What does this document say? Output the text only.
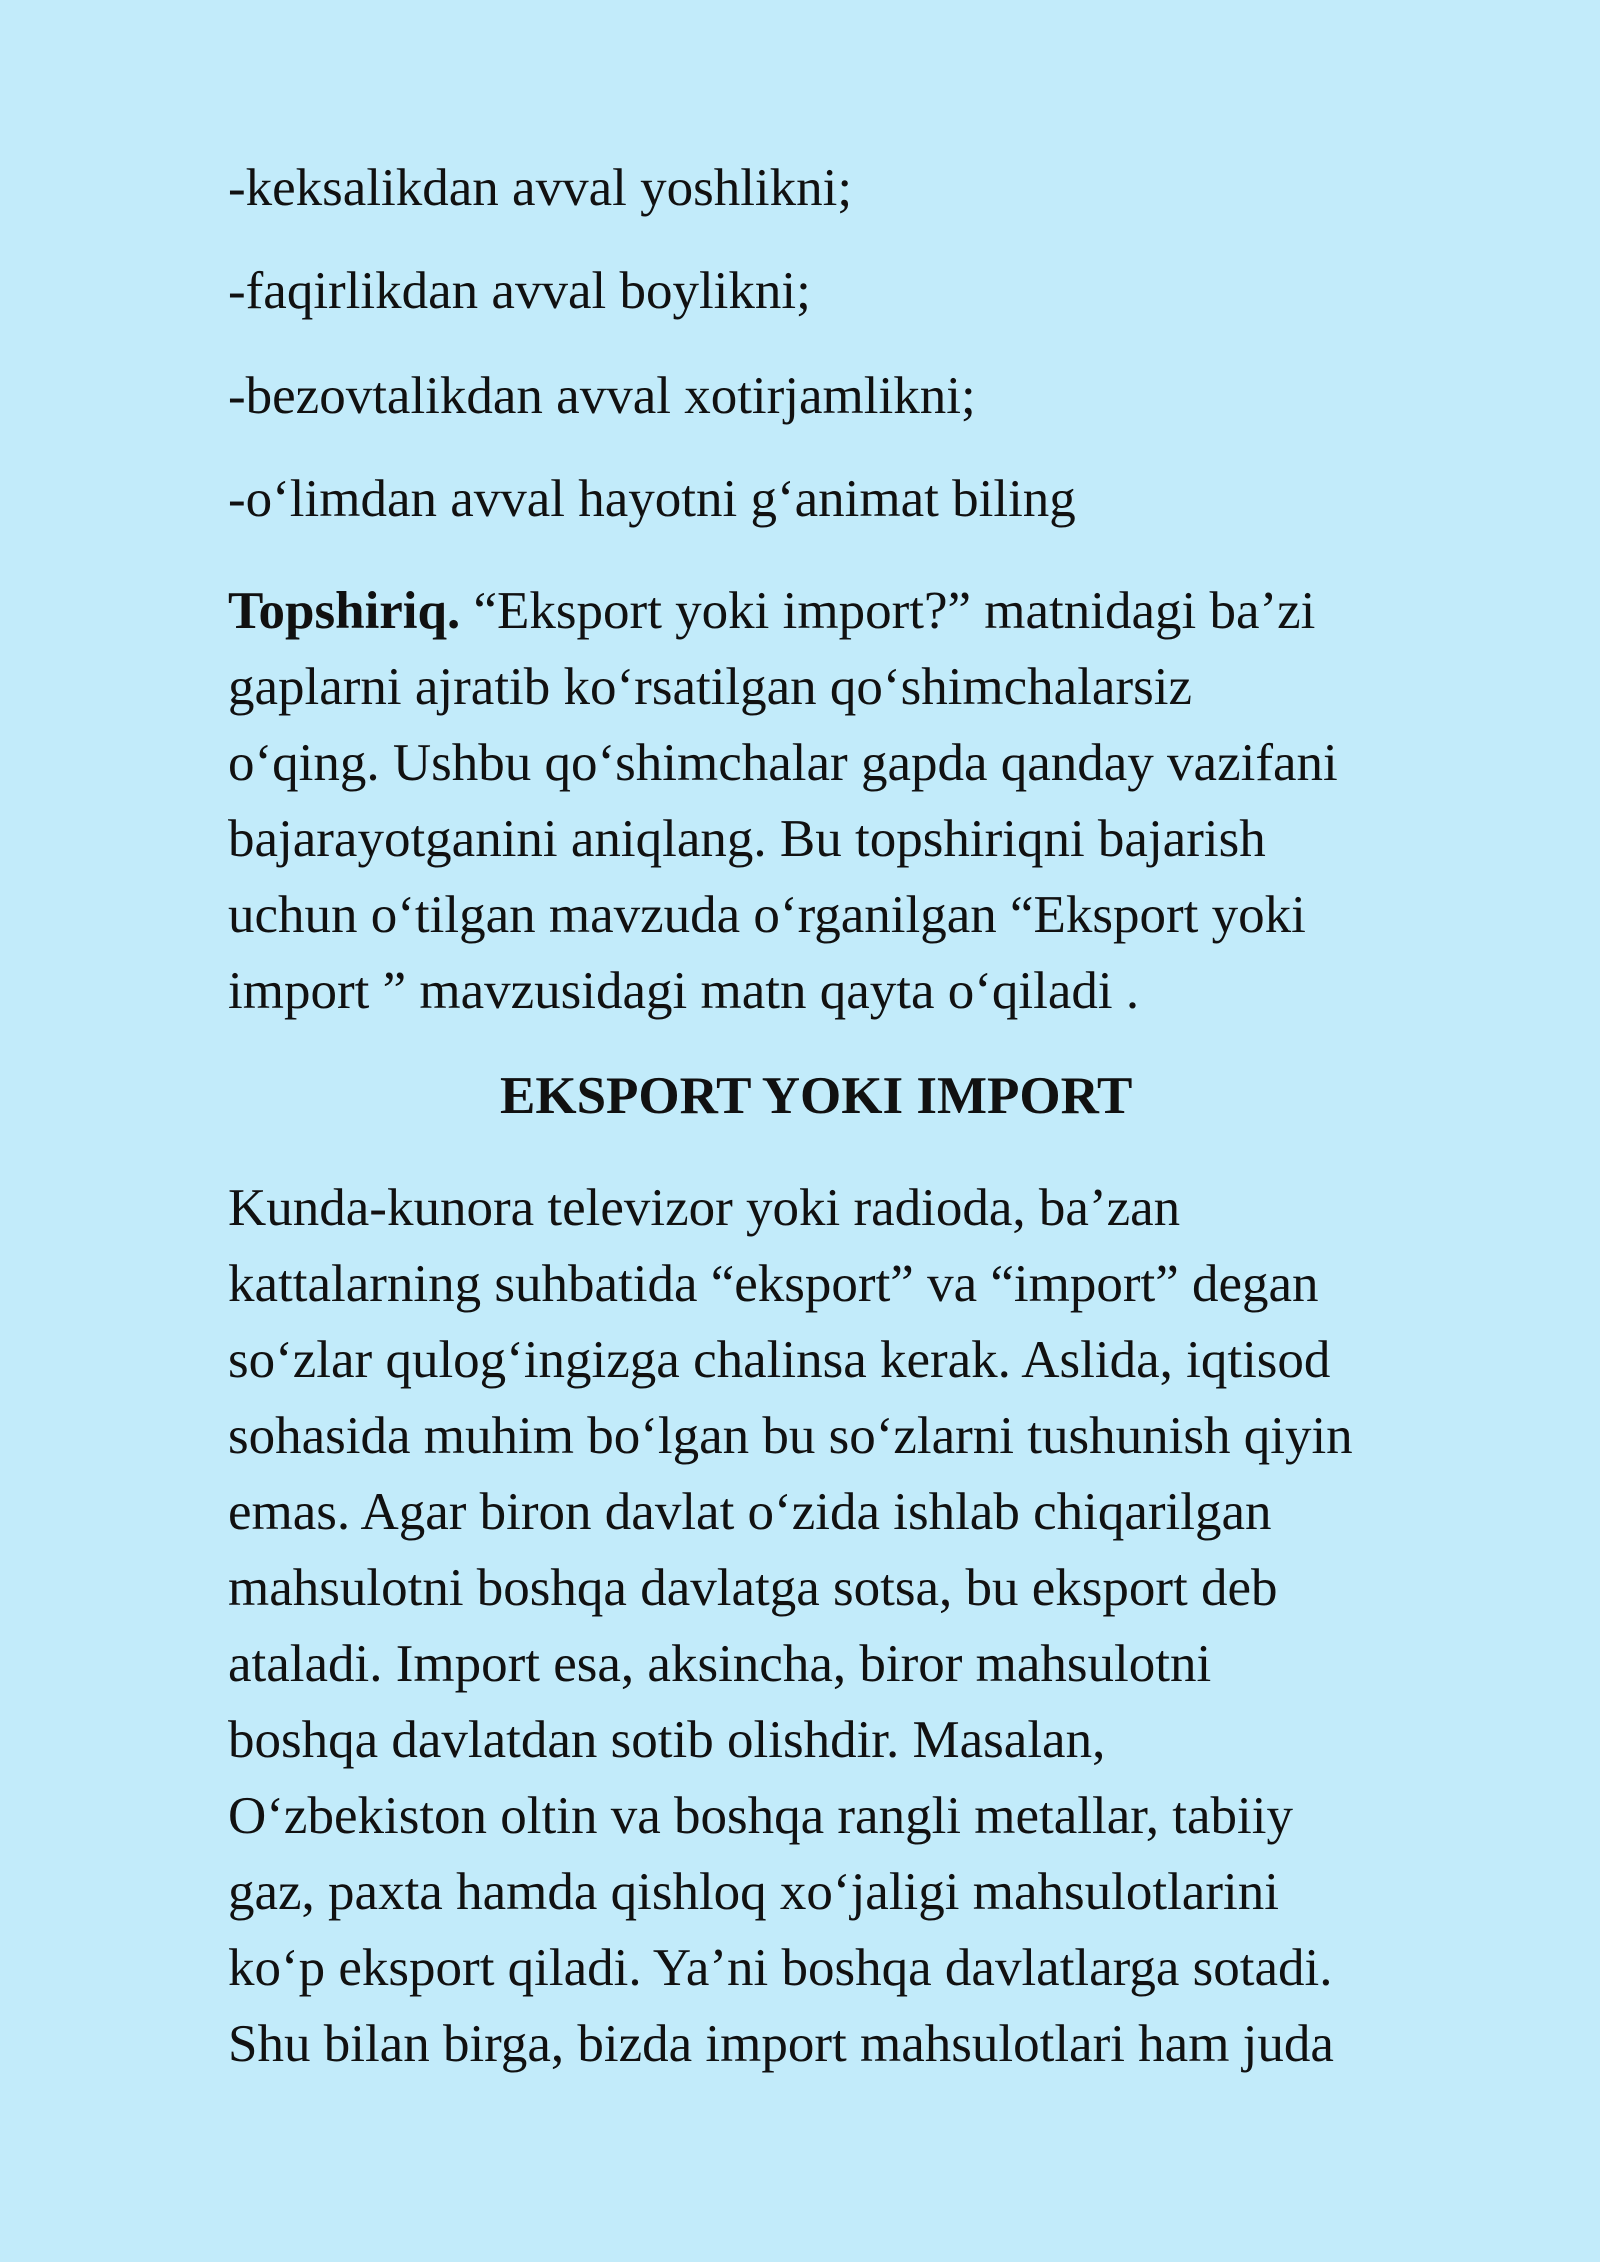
-keksalikdan avval yoshlikni;
-faqirlikdan avval boylikni;
-bezovtalikdan avval xotirjamlikni;
-o‘limdan avval hayotni g‘animat biling
Topshiriq. “Eksport yoki import?” matnidagi ba’zi
gaplarni ajratib ko‘rsatilgan qo‘shimchalarsiz
o‘qing. Ushbu qo‘shimchalar gapda qanday vazifani
bajarayotganini aniqlang. Bu topshiriqni bajarish
uchun o‘tilgan mavzuda o‘rganilgan “Eksport yoki
import ” mavzusidagi matn qayta o‘qiladi .
EKSPORT YOKI IMPORT
Kunda-kunora televizor yoki radioda, ba’zan
kattalarning suhbatida “eksport” va “import” degan
so‘zlar qulog‘ingizga chalinsa kerak. Aslida, iqtisod
sohasida muhim bo‘lgan bu so‘zlarni tushunish qiyin
emas. Agar biron davlat o‘zida ishlab chiqarilgan
mahsulotni boshqa davlatga sotsa, bu eksport deb
ataladi. Import esa, aksincha, biror mahsulotni
boshqa davlatdan sotib olishdir. Masalan,
O‘zbekiston oltin va boshqa rangli metallar, tabiiy
gaz, paxta hamda qishloq xo‘jaligi mahsulotlarini
ko‘p eksport qiladi. Ya’ni boshqa davlatlarga sotadi.
Shu bilan birga, bizda import mahsulotlari ham juda
